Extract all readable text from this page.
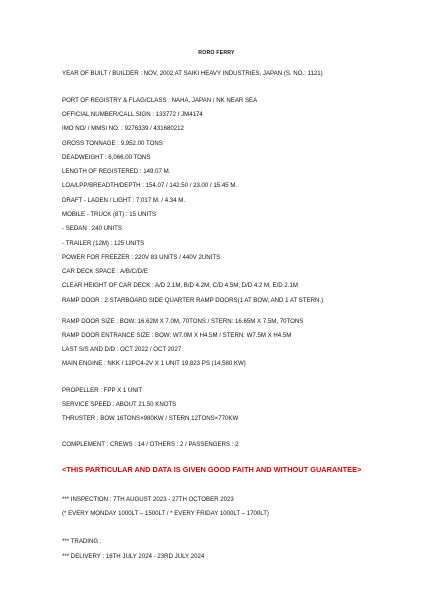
RORO FERRY
YEAR OF BUILT / BUILDER : NOV, 2002 AT SAIKI HEAVY INDUSTRIES, JAPAN (S. NO.: 1121)
PORT OF REGISTRY & FLAG/CLASS : NAHA, JAPAN / NK NEAR SEA
OFFICIAL NUMBER/CALL SIGN : 133772 / JM4174
IMO NO/ / MMSI NO. : 9276339 / 431680212
GROSS TONNAGE : 9,952.00 TONS
DEADWEIGHT : 6,066.00 TONS
LENGTH OF REGISTERED : 149.07 M.
LOA/LPP/BREADTH/DEPTH : 154.07 / 142.50 / 23.00 / 15.45 M.
DRAFT - LADEN / LIGHT : 7.017 M. / 4.34 M.
MOBILE - TRUCK (8T) : 15 UNITS
- SEDAN : 240 UNITS
- TRAILER (12M) : 125 UNITS
POWER FOR FREEZER : 220V 83 UNITS / 440V 2UNITS
CAR DECK SPACE : A/B/C/D/E
CLEAR HEIGHT OF CAR DECK : A/D 2.1M, B/D 4.2M, C/D 4.5M, D/D 4.2 M, E/D 2.1M
RAMP DOOR : 2 STARBOARD SIDE QUARTER RAMP DOORS(1 AT BOW, AND 1 AT STERN.)
RAMP DOOR SIZE : BOW: 16.62M X 7.0M, 70TONS / STERN: 16.65M X 7.5M, 70TONS
RAMP DOOR ENTRANCE SIZE : BOW: W7.0M X H4.5M / STERN: W7.5M X H4.5M
LAST S/S AND D/D : OCT 2022 / OCT 2027
MAIN ENGINE : NKK / 12PC4-2V X 1 UNIT 19,823 PS (14,580 KW)
PROPELLER : FPP X 1 UNIT
SERVICE SPEED : ABOUT 21.50 KNOTS
THRUSTER : BOW 16TONS×980KW / STERN 12TONS×770KW
COMPLEMENT : CREWS : 14 / OTHERS : 2 / PASSENGERS : 2
<THIS PARTICULAR AND DATA IS GIVEN GOOD FAITH AND WITHOUT GUARANTEE>
*** INSPECTION : 7TH AUGUST 2023 - 27TH OCTOBER 2023
(* EVERY MONDAY 1000LT – 1500LT / * EVERY FRIDAY 1000LT – 1700LT)
*** TRADING :
*** DELIVERY : 16TH JULY 2024 - 23RD JULY 2024
